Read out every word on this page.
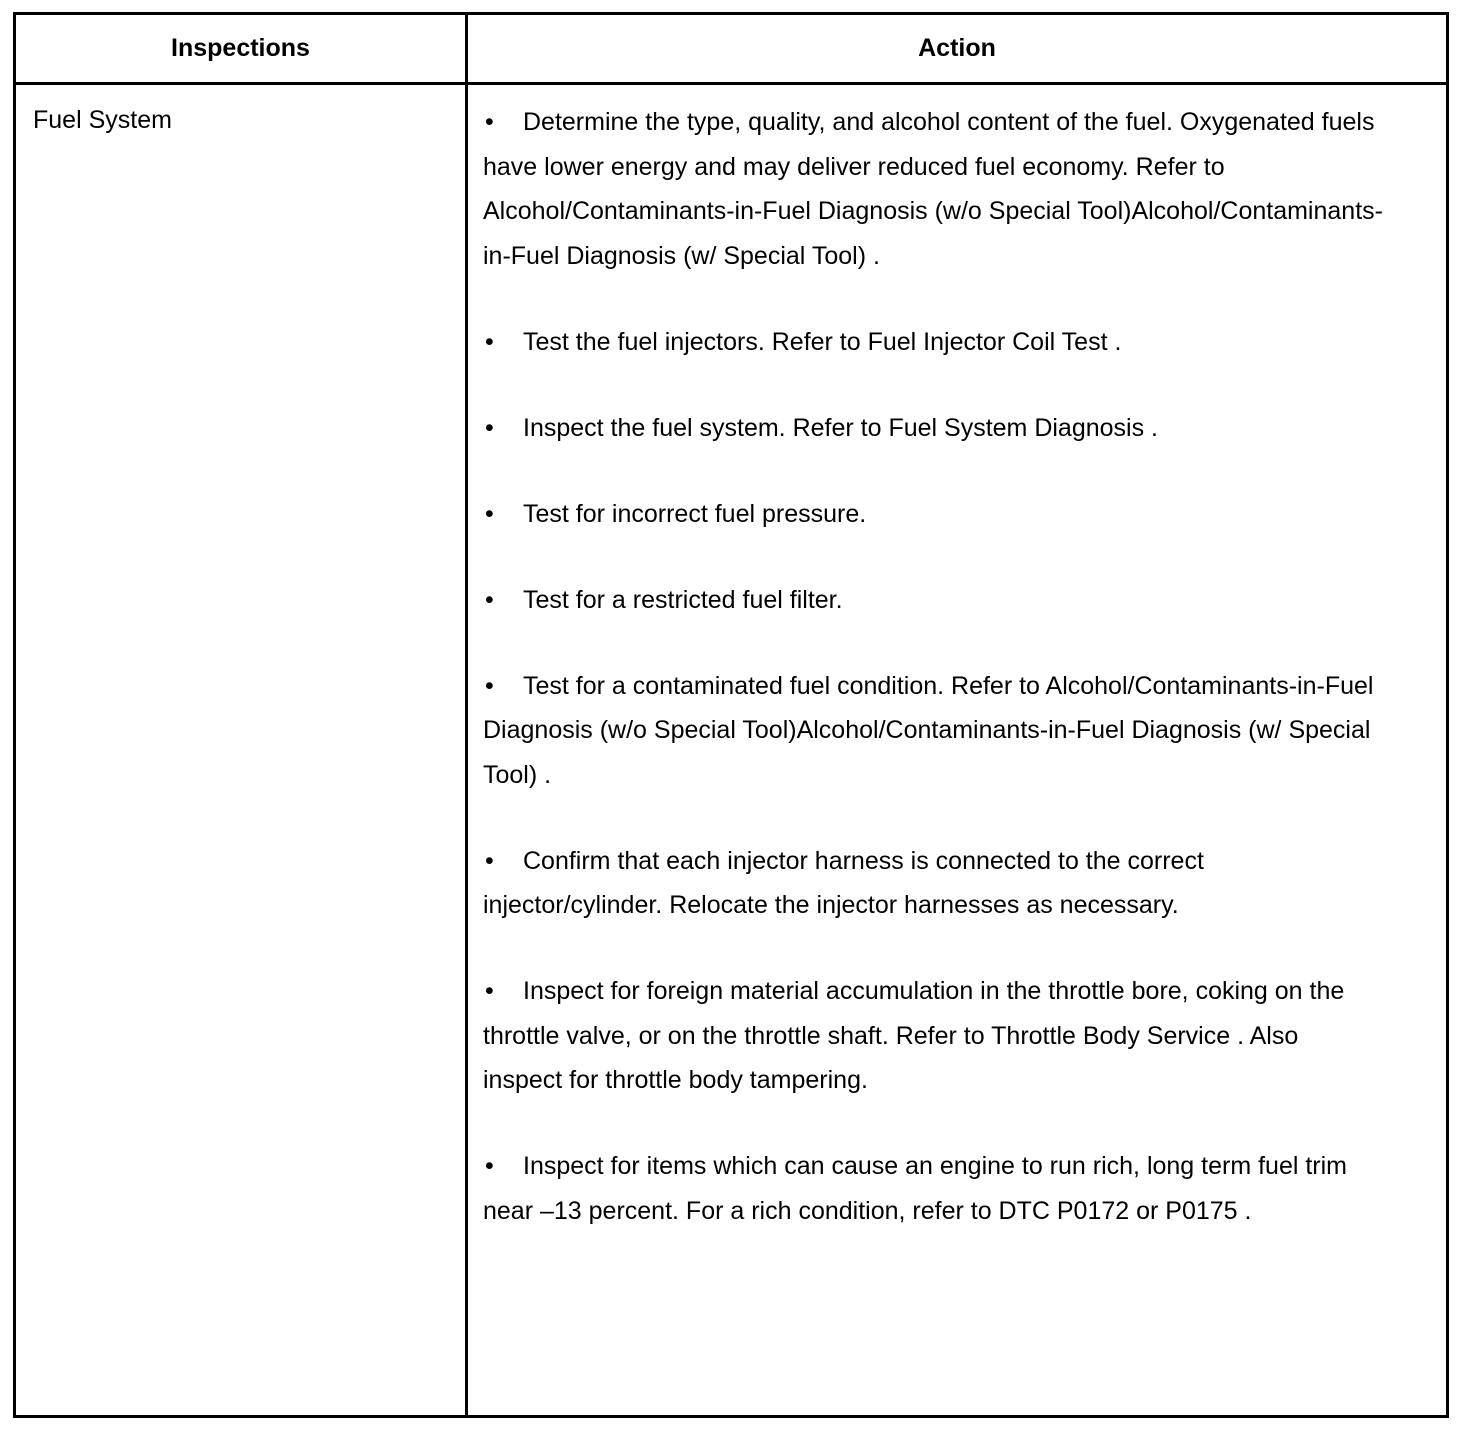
Inspections	Action
Fuel System	• Determine the type, quality, and alcohol content of the fuel. Oxygenated fuels have lower energy and may deliver reduced fuel economy. Refer to Alcohol/Contaminants-in-Fuel Diagnosis (w/o Special Tool)Alcohol/Contaminants-in-Fuel Diagnosis (w/ Special Tool) .
• Test the fuel injectors. Refer to Fuel Injector Coil Test .
• Inspect the fuel system. Refer to Fuel System Diagnosis .
• Test for incorrect fuel pressure.
• Test for a restricted fuel filter.
• Test for a contaminated fuel condition. Refer to Alcohol/Contaminants-in-Fuel Diagnosis (w/o Special Tool)Alcohol/Contaminants-in-Fuel Diagnosis (w/ Special Tool) .
• Confirm that each injector harness is connected to the correct injector/cylinder. Relocate the injector harnesses as necessary.
• Inspect for foreign material accumulation in the throttle bore, coking on the throttle valve, or on the throttle shaft. Refer to Throttle Body Service . Also inspect for throttle body tampering.
• Inspect for items which can cause an engine to run rich, long term fuel trim near –13 percent. For a rich condition, refer to DTC P0172 or P0175 .
